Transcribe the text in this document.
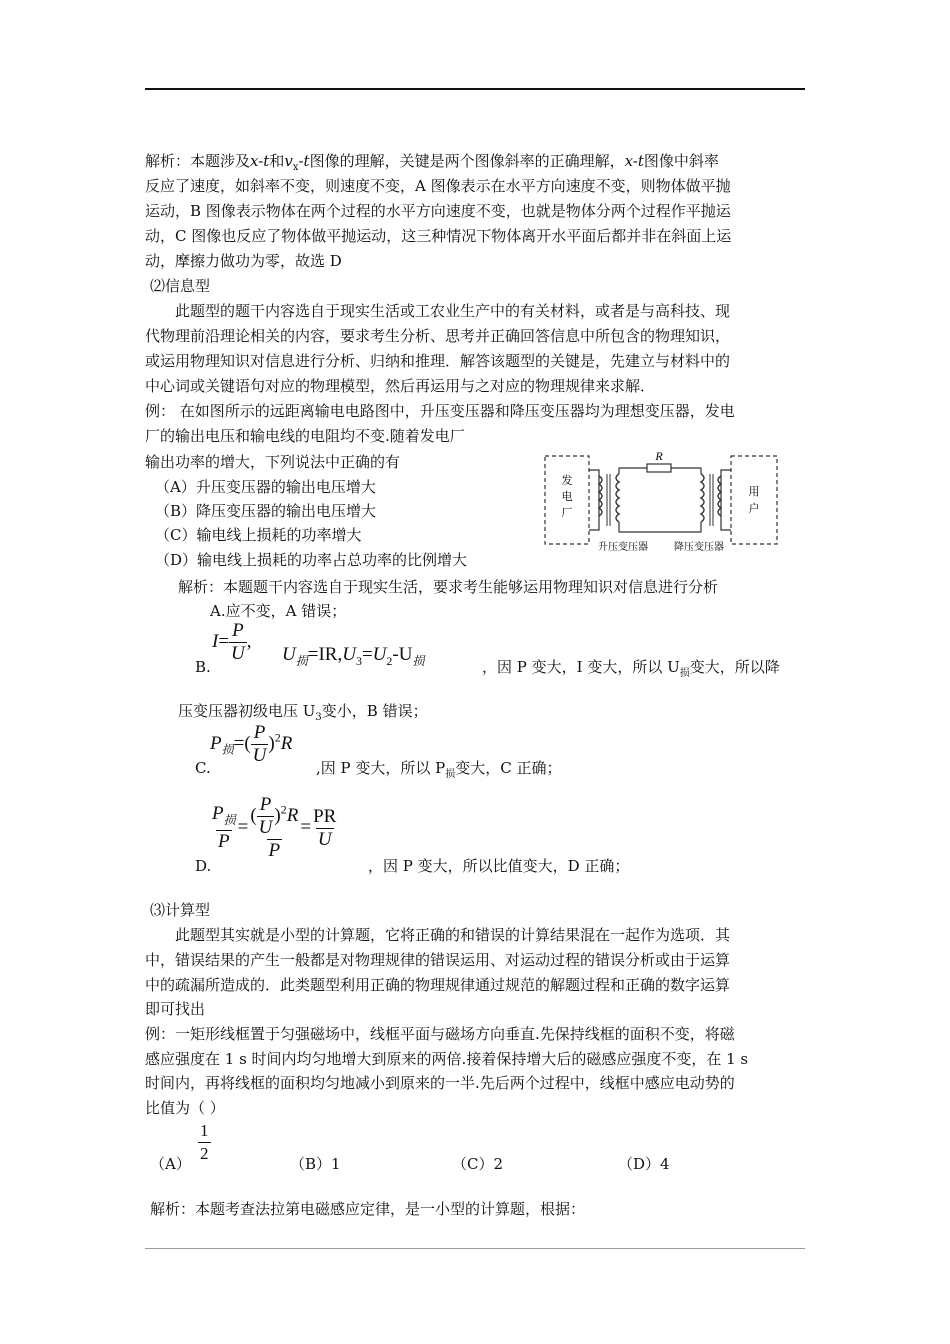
解析：本题涉及x-t和$v_x-t$图像的理解，关键是两个图像斜率的正确理解，x-t图像中斜率
反应了速度，如斜率不变，则速度不变，A 图像表示在水平方向速度不变，则物体做平抛
运动，B 图像表示物体在两个过程的水平方向速度不变，也就是物体分两个过程作平抛运
动，C 图像也反应了物体做平抛运动，这三种情况下物体离开水平面后都并非在斜面上运
动，摩擦力做功为零，故选 D
⑵信息型
此题型的题干内容选自于现实生活或工农业生产中的有关材料，或者是与高科技、现
代物理前沿理论相关的内容，要求考生分析、思考并正确回答信息中所包含的物理知识，
或运用物理知识对信息进行分析、归纳和推理．解答该题型的关键是，先建立与材料中的
中心词或关键语句对应的物理模型，然后再运用与之对应的物理规律来求解．
例： 在如图所示的远距离输电电路图中，升压变压器和降压变压器均为理想变压器，发电
厂的输出电压和输电线的电阻均不变.随着发电厂
输出功率的增大，下列说法中正确的有
（A）升压变压器的输出电压增大
（B）降压变压器的输出电压增大
（C）输电线上损耗的功率增大
（D）输电线上损耗的功率占总功率的比例增大
发
电
厂
用
户
R
升压变压器	降压变压器
解析：本题题干内容选自于现实生活，要求考生能够运用物理知识对信息进行分析
A.应不变，A 错误；
B.
$I= \frac{P}{U}$ ,
$U_损=IR,U_3=U_2-U_损$	，因 P 变大，I 变大，所以 $U_损$变大，所以降
压变压器初级电压 $U_3$变小，B 错误；
C.
$P_损=( \frac{P}{U} )^2R$
,因 P 变大，所以 $P_损$变大，C 正确；
D.
$\frac{P_损}{P} = \frac{( \frac{P}{U} )^2R}{P} = \frac{PR}{U}$
，因 P 变大，所以比值变大，D 正确；
⑶计算型
此题型其实就是小型的计算题，它将正确的和错误的计算结果混在一起作为选项．其
中，错误结果的产生一般都是对物理规律的错误运用、对运动过程的错误分析或由于运算
中的疏漏所造成的．此类题型利用正确的物理规律通过规范的解题过程和正确的数字运算
即可找出
例：一矩形线框置于匀强磁场中，线框平面与磁场方向垂直.先保持线框的面积不变，将磁
感应强度在 1 s 时间内均匀地增大到原来的两倍.接着保持增大后的磁感应强度不变，在 1 s
时间内，再将线框的面积均匀地减小到原来的一半.先后两个过程中，线框中感应电动势的
比值为（ ）
$(A) \frac{1}{2}$	（B）1	（C）2	（D）4
解析：本题考查法拉第电磁感应定律，是一小型的计算题，根据：
